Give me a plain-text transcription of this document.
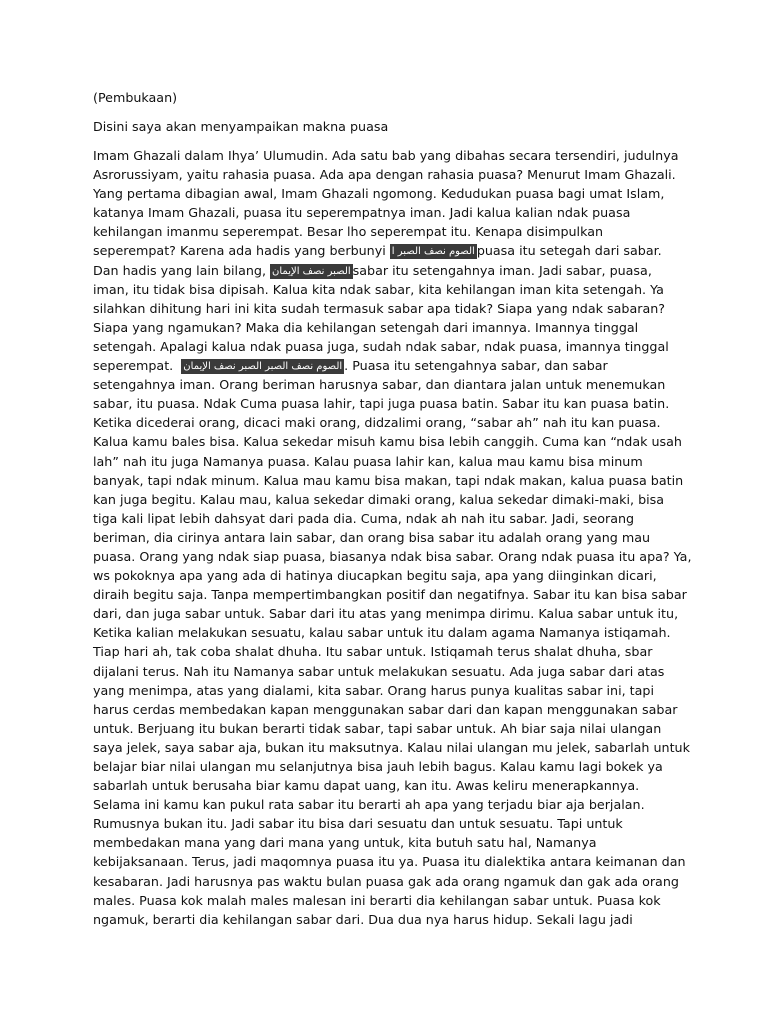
(Pembukaan)
Disini saya akan menyampaikan makna puasa
Imam Ghazali dalam Ihya’ Ulumudin. Ada satu bab yang dibahas secara tersendiri, judulnya
Asrorussiyam, yaitu rahasia puasa. Ada apa dengan rahasia puasa? Menurut Imam Ghazali.
Yang pertama dibagian awal, Imam Ghazali ngomong. Kedudukan puasa bagi umat Islam,
katanya Imam Ghazali, puasa itu seperempatnya iman. Jadi kalua kalian ndak puasa
kehilangan imanmu seperempat. Besar lho seperempat itu. Kenapa disimpulkan
seperempat? Karena ada hadis yang berbunyi الصوم نصف الصبر ا puasa itu setegah dari sabar.
Dan hadis yang lain bilang, الصبر نصف الإيمان sabar itu setengahnya iman. Jadi sabar, puasa,
iman, itu tidak bisa dipisah. Kalua kita ndak sabar, kita kehilangan iman kita setengah. Ya
silahkan dihitung hari ini kita sudah termasuk sabar apa tidak? Siapa yang ndak sabaran?
Siapa yang ngamukan? Maka dia kehilangan setengah dari imannya. Imannya tinggal
setengah. Apalagi kalua ndak puasa juga, sudah ndak sabar, ndak puasa, imannya tinggal
seperempat. الصوم نصف الصبر الصبر نصف الإيمان . Puasa itu setengahnya sabar, dan sabar
setengahnya iman. Orang beriman harusnya sabar, dan diantara jalan untuk menemukan
sabar, itu puasa. Ndak Cuma puasa lahir, tapi juga puasa batin. Sabar itu kan puasa batin.
Ketika dicederai orang, dicaci maki orang, didzalimi orang, “sabar ah” nah itu kan puasa.
Kalua kamu bales bisa. Kalua sekedar misuh kamu bisa lebih canggih. Cuma kan “ndak usah
lah” nah itu juga Namanya puasa. Kalau puasa lahir kan, kalua mau kamu bisa minum
banyak, tapi ndak minum. Kalua mau kamu bisa makan, tapi ndak makan, kalua puasa batin
kan juga begitu. Kalau mau, kalua sekedar dimaki orang, kalua sekedar dimaki-maki, bisa
tiga kali lipat lebih dahsyat dari pada dia. Cuma, ndak ah nah itu sabar. Jadi, seorang
beriman, dia cirinya antara lain sabar, dan orang bisa sabar itu adalah orang yang mau
puasa. Orang yang ndak siap puasa, biasanya ndak bisa sabar. Orang ndak puasa itu apa? Ya,
ws pokoknya apa yang ada di hatinya diucapkan begitu saja, apa yang diinginkan dicari,
diraih begitu saja. Tanpa mempertimbangkan positif dan negatifnya. Sabar itu kan bisa sabar
dari, dan juga sabar untuk. Sabar dari itu atas yang menimpa dirimu. Kalua sabar untuk itu,
Ketika kalian melakukan sesuatu, kalau sabar untuk itu dalam agama Namanya istiqamah.
Tiap hari ah, tak coba shalat dhuha. Itu sabar untuk. Istiqamah terus shalat dhuha, sbar
dijalani terus. Nah itu Namanya sabar untuk melakukan sesuatu. Ada juga sabar dari atas
yang menimpa, atas yang dialami, kita sabar. Orang harus punya kualitas sabar ini, tapi
harus cerdas membedakan kapan menggunakan sabar dari dan kapan menggunakan sabar
untuk. Berjuang itu bukan berarti tidak sabar, tapi sabar untuk. Ah biar saja nilai ulangan
saya jelek, saya sabar aja, bukan itu maksutnya. Kalau nilai ulangan mu jelek, sabarlah untuk
belajar biar nilai ulangan mu selanjutnya bisa jauh lebih bagus. Kalau kamu lagi bokek ya
sabarlah untuk berusaha biar kamu dapat uang, kan itu. Awas keliru menerapkannya.
Selama ini kamu kan pukul rata sabar itu berarti ah apa yang terjadu biar aja berjalan.
Rumusnya bukan itu. Jadi sabar itu bisa dari sesuatu dan untuk sesuatu. Tapi untuk
membedakan mana yang dari mana yang untuk, kita butuh satu hal, Namanya
kebijaksanaan. Terus, jadi maqomnya puasa itu ya. Puasa itu dialektika antara keimanan dan
kesabaran. Jadi harusnya pas waktu bulan puasa gak ada orang ngamuk dan gak ada orang
males. Puasa kok malah males malesan ini berarti dia kehilangan sabar untuk. Puasa kok
ngamuk, berarti dia kehilangan sabar dari. Dua dua nya harus hidup. Sekali lagu jadi
